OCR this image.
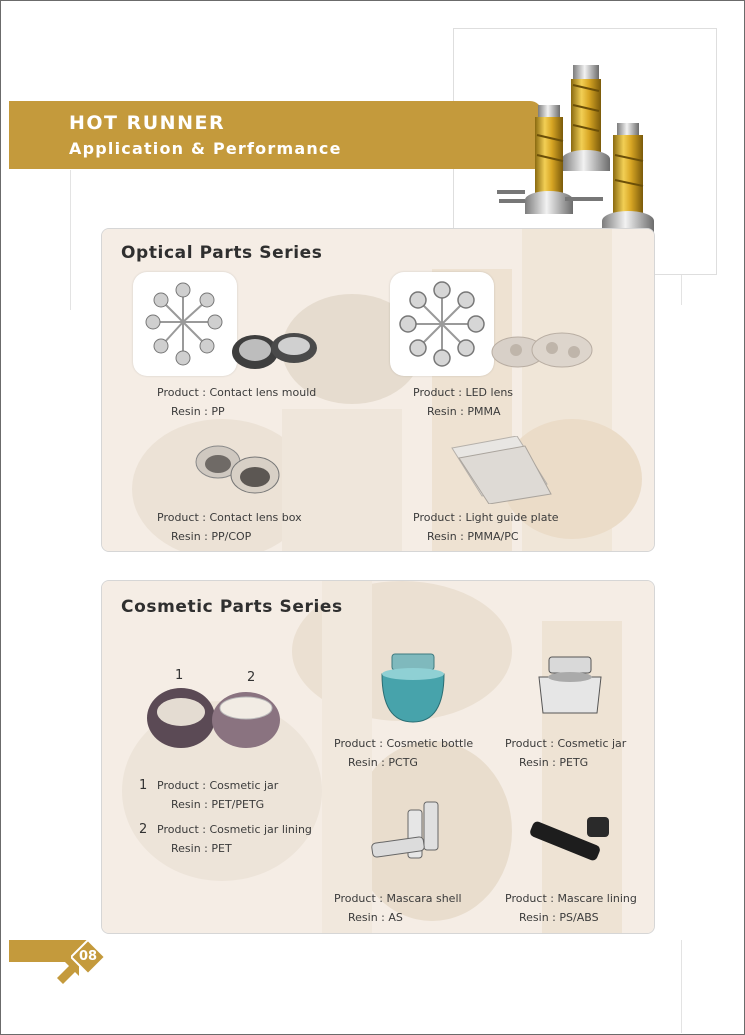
HOT RUNNER
Application & Performance
Optical Parts Series
Product : Contact lens mould
Resin : PP
Product : LED lens
Resin : PMMA
Product : Contact lens box
Resin : PP/COP
Product : Light guide plate
Resin : PMMA/PC
Cosmetic Parts Series
1	2
1 Product : Cosmetic jar
Resin : PET/PETG
2 Product : Cosmetic jar lining
Resin : PET
Product : Cosmetic bottle
Resin : PCTG
Product : Cosmetic jar
Resin : PETG
Product : Mascara shell
Resin : AS
Product : Mascare lining
Resin : PS/ABS
08
